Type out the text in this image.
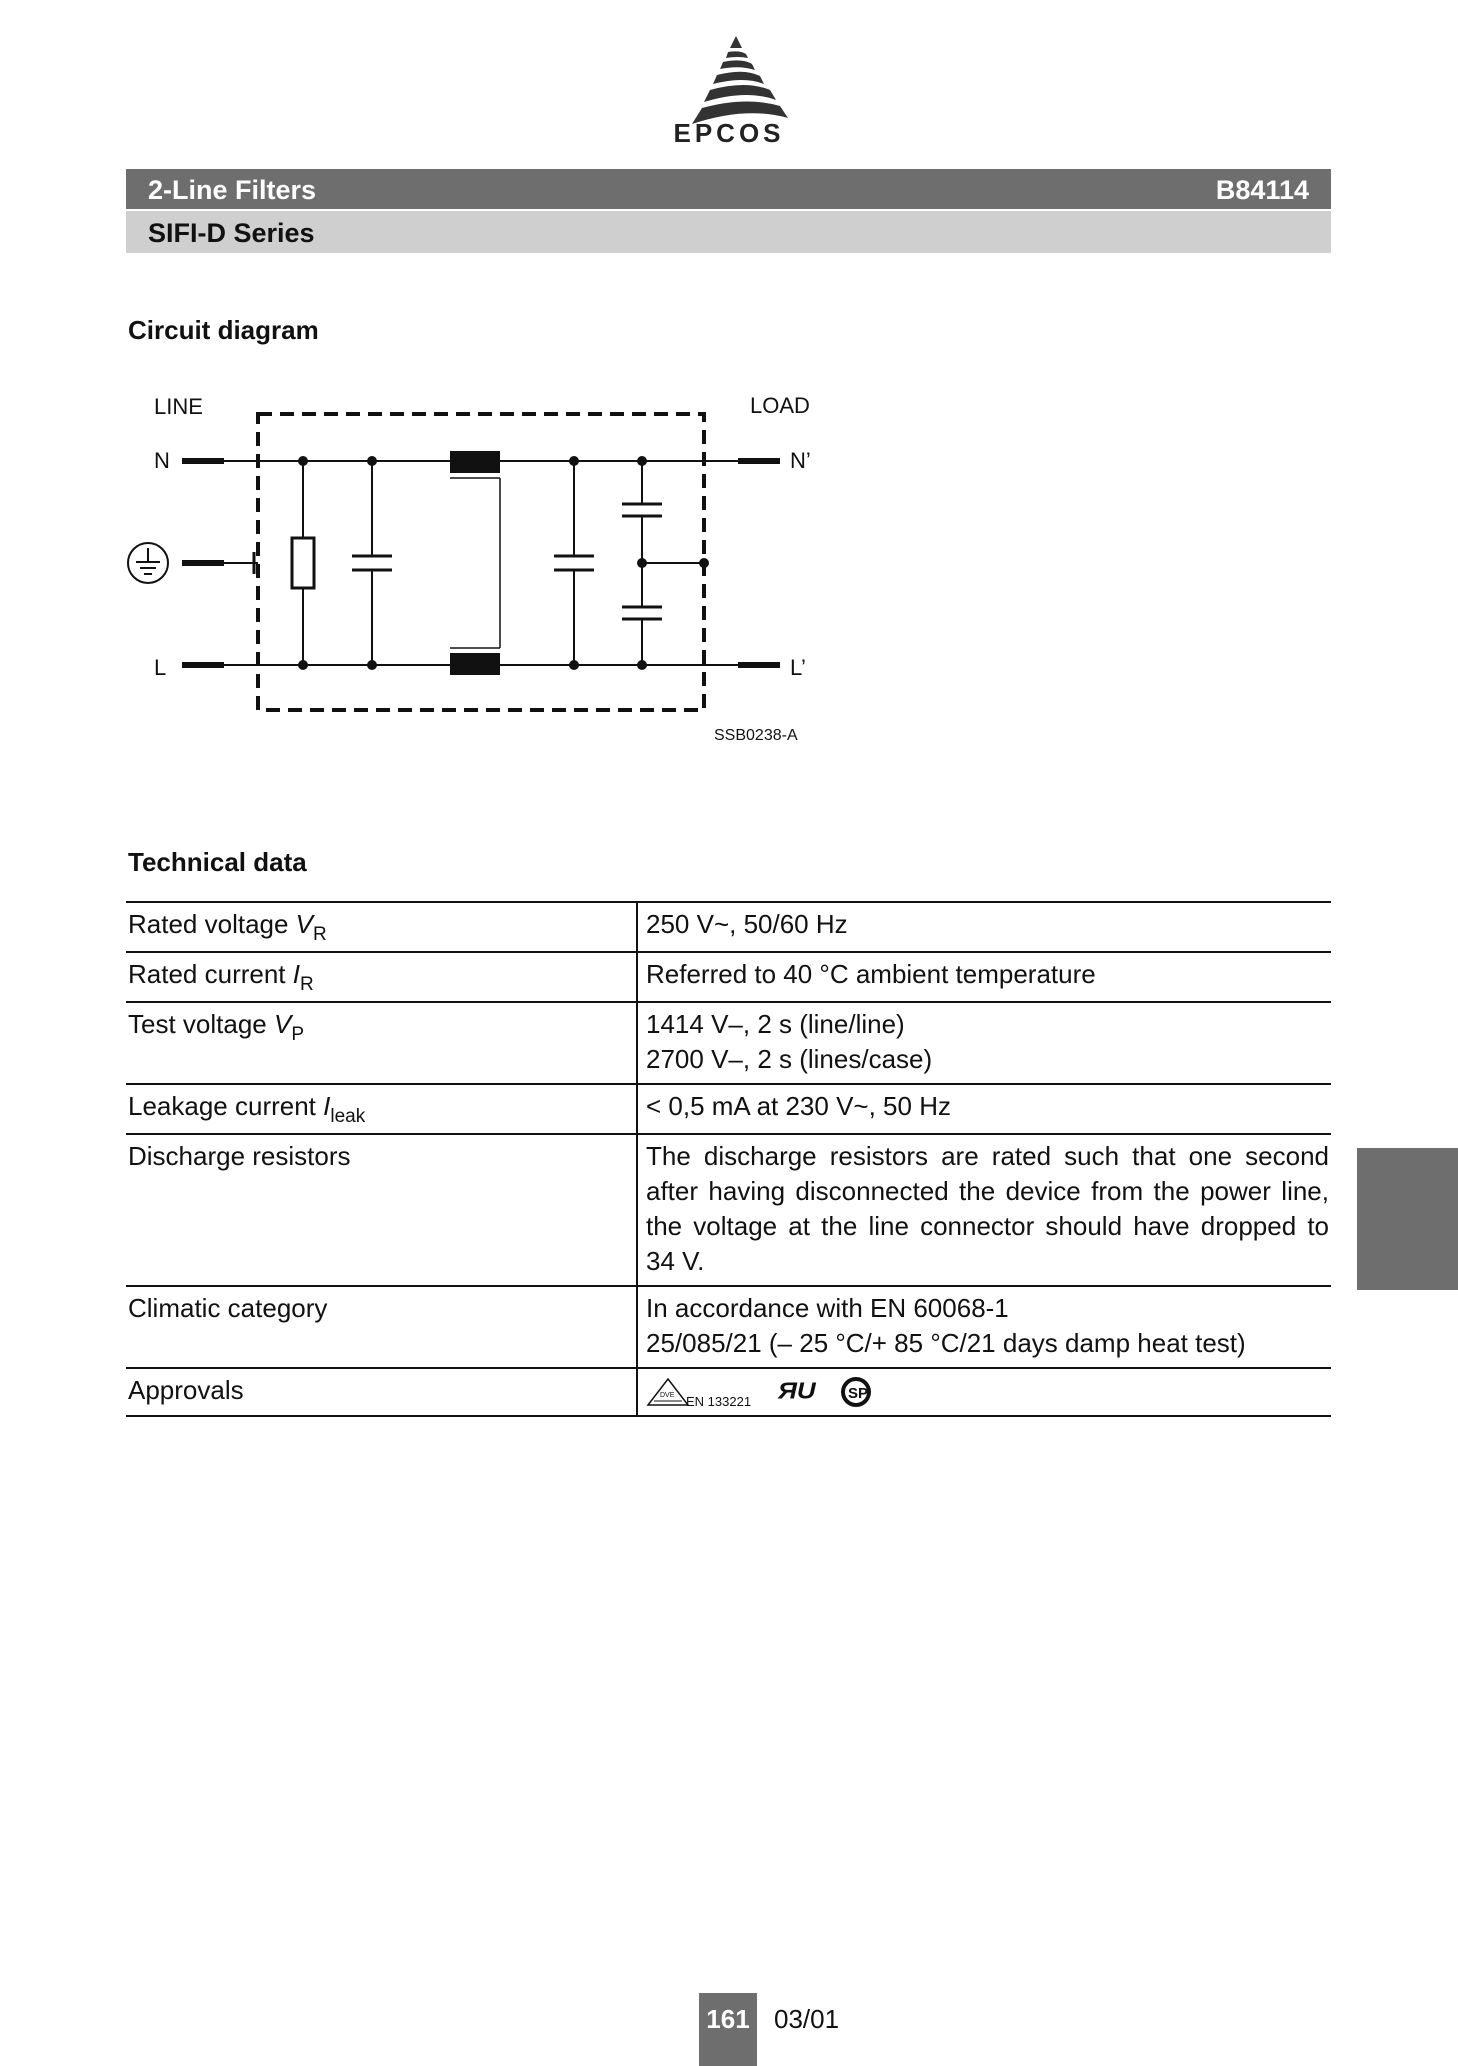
EPCOS
2-Line Filters	B84114
SIFI-D Series
Circuit diagram
LINE	LOAD
N	N’
L	L’
SSB0238-A
Technical data
Rated voltage $V_R$	250 V~, 50/60 Hz

Rated current $I_R$	Referred to 40 °C ambient temperature

Test voltage $V_P$	1414 V–, 2 s (line/line)
2700 V–, 2 s (lines/case)

Leakage current $I_{leak}$	< 0,5 mA at 230 V~, 50 Hz

Discharge resistors	The discharge resistors are rated such that one second after having disconnected the device from the power line, the voltage at the line connector should have dropped to 34 V.

Climatic category	In accordance with EN 60068-1
25/085/21 (– 25 °C/+ 85 °C/21 days damp heat test)

Approvals	DVE EN 133221 ЯU SP
161 03/01
